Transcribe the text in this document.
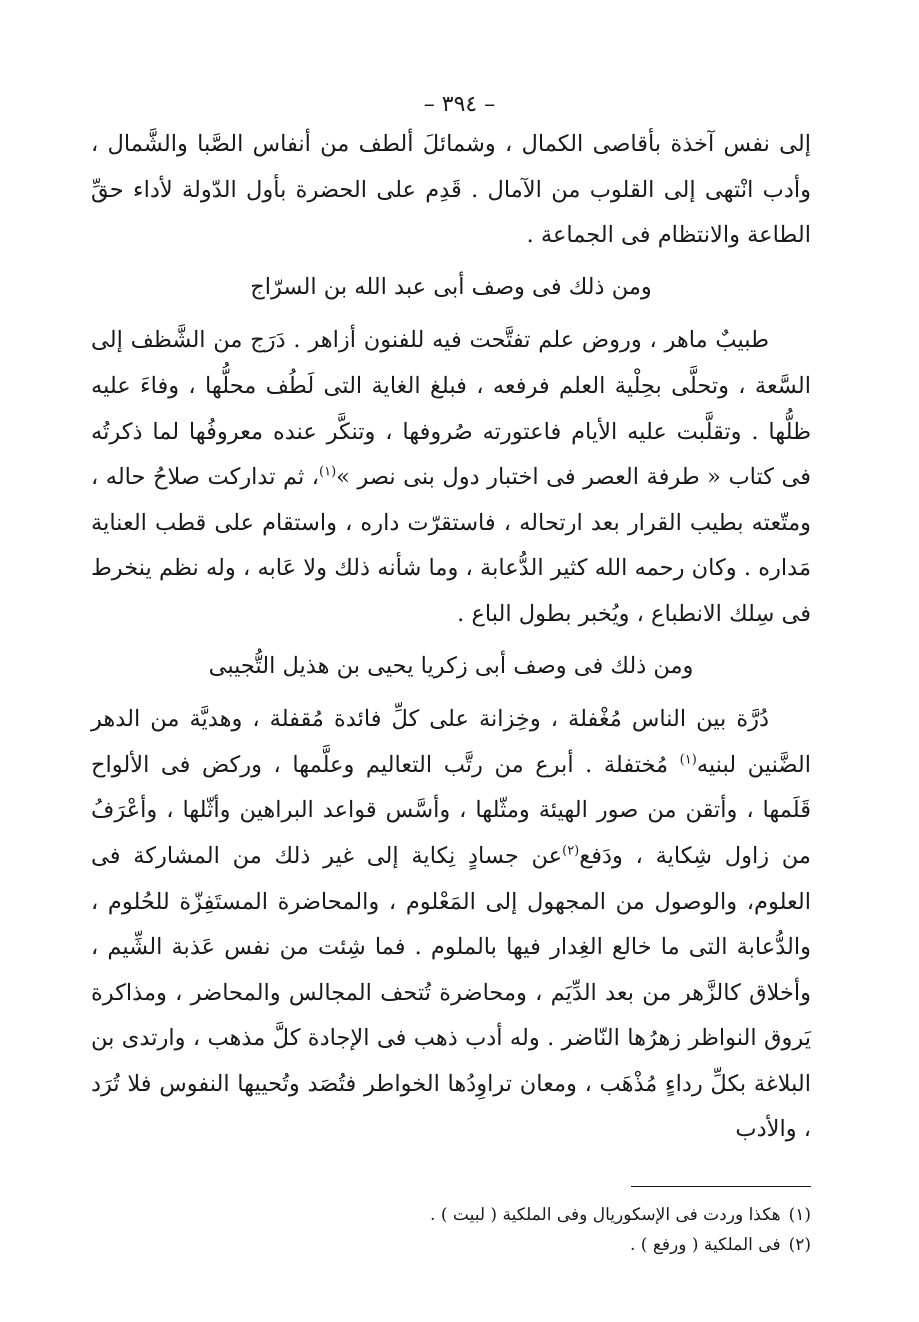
– ٣٩٤ –

إلى نفس آخذة بأقاصى الكمال ، وشمائلَ ألطف من أنفاس الصَّبا والشَّمال ، وأدب انْتهى إلى القلوب من الآمال . قَدِم على الحضرة بأول الدّولة لأداء حقِّ الطاعة والانتظام فى الجماعة .

ومن ذلك فى وصف أبى عبد الله بن السرّاج

طبيبٌ ماهر ، وروض علم تفتَّحت فيه للفنون أزاهر . دَرَج من الشَّظف إلى السَّعة ، وتحلَّى بحِلْية العلم فرفعه ، فبلغ الغاية التى لَطُف محلُّها ، وفاءَ عليه ظلُّها . وتقلَّبت عليه الأيام فاعتورته صُروفها ، وتنكَّر عنده معروفُها لما ذكرتُه فى كتاب « طرفة العصر فى اختبار دول بنى نصر »$^{(١)}$، ثم تداركت صلاحُ حاله ، ومتّعته بطيب القرار بعد ارتحاله ، فاستقرّت داره ، واستقام على قطب العناية مَداره . وكان رحمه الله كثير الدُّعابة ، وما شأنه ذلك ولا عَابه ، وله نظم ينخرط فى سِلك الانطباع ، ويُخبر بطول الباع .

ومن ذلك فى وصف أبى زكريا يحيى بن هذيل التُّجيبى

دُرَّة بين الناس مُغْفلة ، وخِزانة على كلِّ فائدة مُقفلة ، وهديَّة من الدهر الضَّنين لبنيه$^{(١)}$ مُختفلة . أبرع من رتَّب التعاليم وعلَّمها ، وركض فى الألواح قَلَمها ، وأتقن من صور الهيئة ومثّلها ، وأسَّس قواعد البراهين وأثّلها ، وأعْرَفُ من زاول شِكاية ، ودَفع$^{(٢)}$عن جسادٍ نِكاية إلى غير ذلك من المشاركة فى العلوم، والوصول من المجهول إلى المَعْلوم ، والمحاضرة المستَفِزّة للحُلوم ، والدُّعابة التى ما خالع الغِدار فيها بالملوم . فما شِئت من نفس عَذبة الشِّيم ، وأخلاق كالزَّهر من بعد الدِّيَم ، ومحاضرة تُتحف المجالس والمحاضر ، ومذاكرة يَروق النواظر زهرُها النّاضر . وله أدب ذهب فى الإجادة كلَّ مذهب ، وارتدى بن البلاغة بكلِّ رداءٍ مُذْهَب ، ومعان تراوِدُها الخواطر فتُصَد وتُحييها النفوس فلا تُرَد ، والأدب

(١)هكذا وردت فى الإسكوريال وفى الملكية ( لبيت ) .

(٢)فى الملكية ( ورفع ) .
